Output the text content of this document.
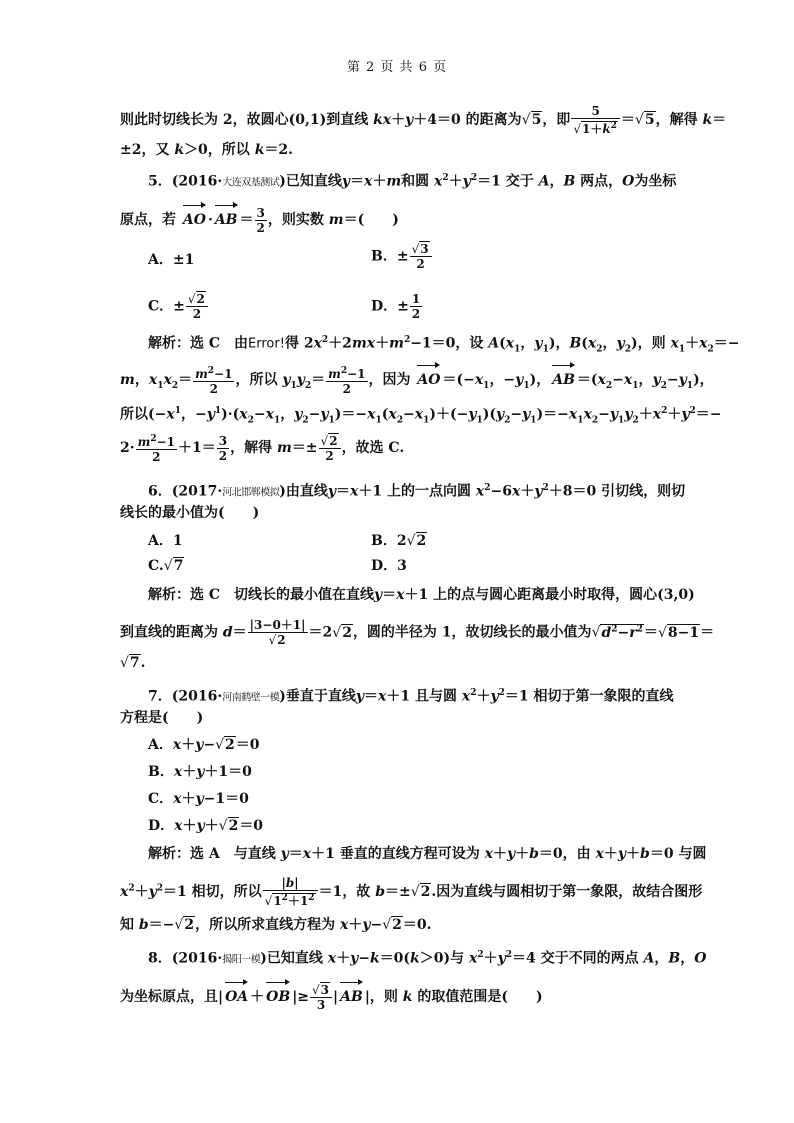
第 2 页 共 6 页
则此时切线长为 2，故圆心(0,1)到直线 kx＋y＋4＝0 的距离为√5，即 $\frac{5}{√1+k^2} =√5$，解得 k＝
±2，又 k＞0，所以 k＝2.
5．(2016·大连双基测试)已知直线y＝x＋m和圆 $x^2+y^2=1$ 交于 A，B 两点，O为坐标
原点，若 AO · AB ＝ $\frac{3}{2}$ ，则实数 m＝(　　)
A．±1	B．± $\frac{√3}{2}$
C．± $\frac{√2}{2}$	D．± $\frac{1}{2}$
解析：选 C　由Error!得 $2x^2+2mx+m^2-1=0$，设 $A(x_1$，$y_1$)，$B(x_2$，$y_2$)，则 $x_1+x_2=-$
m，$x_1x_2= \frac{m^2-1}{2}$ ，所以 $y_1y_2= \frac{m^2-1}{2}$ ，因为 AO $=(-x_1$，$-y_1$)， AB $=(x_2-x_1$，$y_2-y_1$)，
所以($-x^1$，$-y^1)\cdot(x_2-x_1$，$y_2-y_1)=-x_1(x_2-x_1)+(-y_1)(y_2-y_1)=-x_1x_2-y_1y_2+x^2+y^2=-$
$2\cdot \frac{m^2-1}{2} +1= \frac{3}{2}$ ，解得 $m=\pm \frac{√2}{2}$ ，故选 C.
6．(2017·河北邯郸模拟)由直线y＝x＋1 上的一点向圆 $x^2-6x+y^2+8=0$ 引切线，则切
线长的最小值为(　　)
A．1	B．2√2
C.√7	D．3
解析：选 C　切线长的最小值在直线y＝x＋1 上的点与圆心距离最小时取得，圆心(3,0)
到直线的距离为 $d= \frac{|3-0+1|}{√2} =2√2$，圆的半径为 1，故切线长的最小值为$√d^2-r^2=√8-1=$
√7.
7．(2016·河南鹤壁一模)垂直于直线y＝x＋1 且与圆 $x^2+y^2=1$ 相切于第一象限的直线
方程是(　　)
A．x＋y−√2＝0
B．x＋y＋1＝0
C．x＋y−1＝0
D．x＋y＋√2＝0
解析：选 A　与直线 y＝x＋1 垂直的直线方程可设为 x＋y＋b＝0，由 x＋y＋b＝0 与圆
$x^2+y^2=1$ 相切，所以 $\frac{|b|}{√1^2+1^2} =1$，故 b＝±√2.因为直线与圆相切于第一象限，故结合图形
知 b＝−√2，所以所求直线方程为 x＋y−√2＝0.
8．(2016·揭阳一模)已知直线 x＋y−k＝0(k＞0)与 $x^2+y^2=4$ 交于不同的两点 A，B，O
为坐标原点，且| OA ＋ OB |≥ $\frac{√3}{3}$ | AB |，则 k 的取值范围是(　　)
